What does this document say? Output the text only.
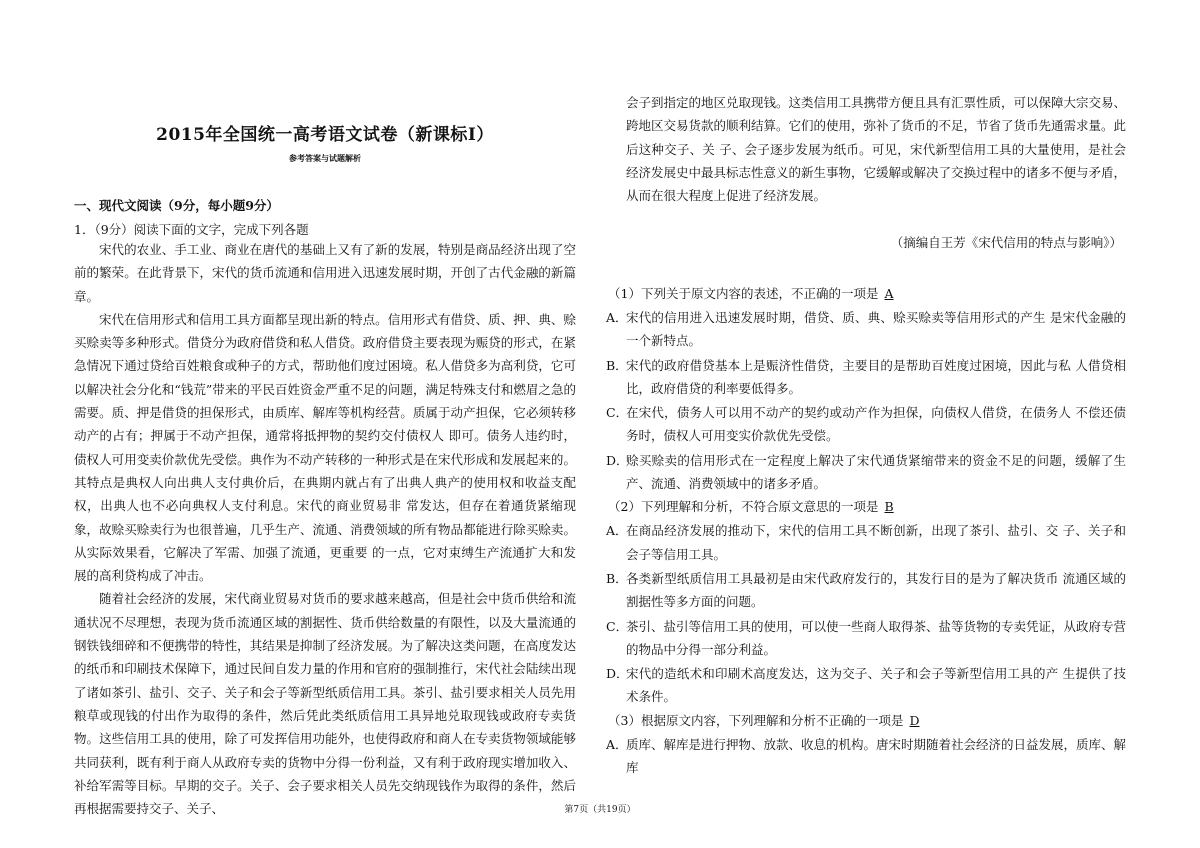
2015年全国统一高考语文试卷（新课标Ⅰ）
参考答案与试题解析
一、现代文阅读（9分，每小题9分）
1．（9分）阅读下面的文字，完成下列各题

宋代的农业、手工业、商业在唐代的基础上又有了新的发展，特别是商品经济出现了空前的繁荣。在此背景下，宋代的货币流通和信用进入迅速发展时期，开创了古代金融的新篇章。

宋代在信用形式和信用工具方面都呈现出新的特点。信用形式有借贷、质、押、典、赊买赊卖等多种形式。借贷分为政府借贷和私人借贷。政府借贷主要表现为赈贷的形式，在紧急情况下通过贷给百姓粮食或种子的方式，帮助他们度过困境。私人借贷多为高利贷，它可以解决社会分化和“钱荒”带来的平民百姓资金严重不足的问题，满足特殊支付和燃眉之急的需要。质、押是借贷的担保形式，由质库、解库等机构经营。质属于动产担保，它必须转移动产的占有；押属于不动产担保，通常将抵押物的契约交付债权人 即可。债务人违约时，债权人可用变卖价款优先受偿。典作为不动产转移的一种形式是在宋代形成和发展起来的。其特点是典权人向出典人支付典价后，在典期内就占有了出典人典产的使用权和收益支配权，出典人也不必向典权人支付利息。宋代的商业贸易非 常发达，但存在着通货紧缩现象，故赊买赊卖行为也很普遍，几乎生产、流通、消费领域的所有物品都能进行除买赊卖。从实际效果看，它解决了军需、加强了流通，更重要 的一点，它对束缚生产流通扩大和发展的高利贷构成了冲击。

随着社会经济的发展，宋代商业贸易对货币的要求越来越高，但是社会中货币供给和流通状况不尽理想，表现为货币流通区域的割据性、货币供给数量的有限性，以及大量流通的钢铁钱细碎和不便携带的特性，其结果是抑制了经济发展。为了解决这类问题，在高度发达的纸币和印刷技术保障下，通过民间自发力量的作用和官府的强制推行，宋代社会陆续出现了诸如茶引、盐引、交子、关子和会子等新型纸质信用工具。茶引、盐引要求相关人员先用粮草或现钱的付出作为取得的条件，然后凭此类纸质信用工具异地兑取现钱或政府专卖货物。这些信用工具的使用，除了可发挥信用功能外，也使得政府和商人在专卖货物领域能够共同获利，既有利于商人从政府专卖的货物中分得一份利益，又有利于政府现实增加收入、补给军需等目标。早期的交子。关子、会子要求相关人员先交纳现钱作为取得的条件，然后再根据需要持交子、关子、

会子到指定的地区兑取现钱。这类信用工具携带方便且具有汇票性质，可以保障大宗交易、跨地区交易货款的顺利结算。它们的使用，弥补了货币的不足，节省了货币先通需求量。此后这种交子、关 子、会子逐步发展为纸币。可见，宋代新型信用工具的大量使用，是社会经济发展史中最具标志性意义的新生事物，它缓解或解决了交换过程中的诸多不便与矛盾，从而在很大程度上促进了经济发展。

（摘编自王芳《宋代信用的特点与影响》）
（1）下列关于原文内容的表述，不正确的一项是 A
A．
宋代的信用进入迅速发展时期，借贷、质、典、赊买赊卖等信用形式的产生 是宋代金融的一个新特点。
B．
宋代的政府借贷基本上是赈济性借贷，主要目的是帮助百姓度过困境，因此与私 人借贷相比，政府借贷的利率要低得多。
C．
在宋代，债务人可以用不动产的契约或动产作为担保，向债权人借贷，在债务人 不偿还债务时，债权人可用变实价款优先受偿。
D．
赊买赊卖的信用形式在一定程度上解决了宋代通货紧缩带来的资金不足的问题，缓解了生产、流通、消费领域中的诸多矛盾。
（2）下列理解和分析，不符合原文意思的一项是 B
A．
在商品经济发展的推动下，宋代的信用工具不断创新，出现了茶引、盐引、交 子、关子和会子等信用工具。
B．
各类新型纸质信用工具最初是由宋代政府发行的，其发行目的是为了解决货币 流通区域的割据性等多方面的问题。
C．
茶引、盐引等信用工具的使用，可以使一些商人取得茶、盐等货物的专卖凭证，从政府专营的物品中分得一部分利益。
D．
宋代的造纸术和印刷术高度发达，这为交子、关子和会子等新型信用工具的产 生提供了技术条件。
（3）根据原文内容，下列理解和分析不正确的一项是 D
A．
质库、解库是进行押物、放款、收息的机构。唐宋时期随着社会经济的日益发展，质库、解库
第7页（共19页）
